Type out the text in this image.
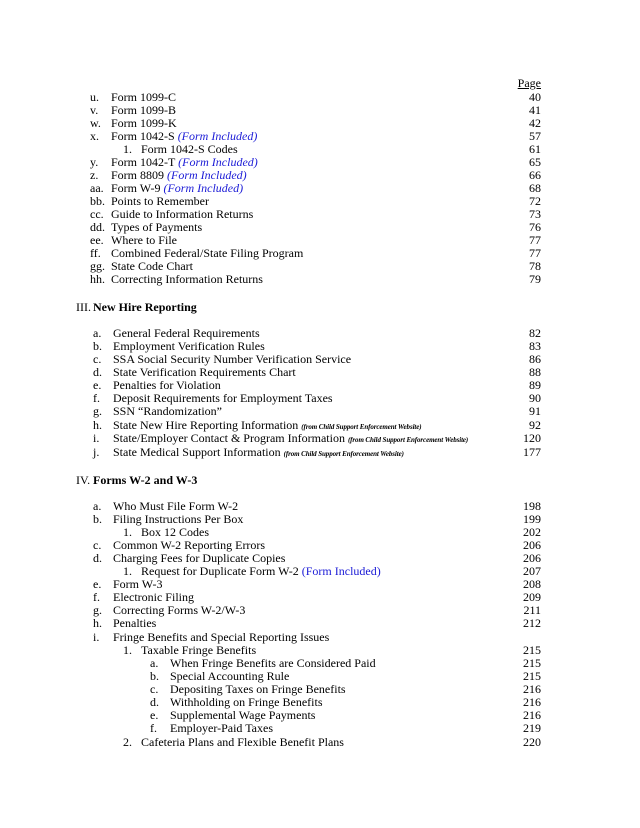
Page
u. Form 1099-C	40
v. Form 1099-B	41
w. Form 1099-K	42
x. Form 1042-S (Form Included)	57
1. Form 1042-S Codes	61
y. Form 1042-T (Form Included)	65
z. Form 8809 (Form Included)	66
aa. Form W-9 (Form Included)	68
bb. Points to Remember	72
cc. Guide to Information Returns	73
dd. Types of Payments	76
ee. Where to File	77
ff. Combined Federal/State Filing Program	77
gg. State Code Chart	78
hh. Correcting Information Returns	79
III. New Hire Reporting
a. General Federal Requirements	82
b. Employment Verification Rules	83
c. SSA Social Security Number Verification Service	86
d. State Verification Requirements Chart	88
e. Penalties for Violation	89
f. Deposit Requirements for Employment Taxes	90
g. SSN “Randomization”	91
h. State New Hire Reporting Information (from Child Support Enforcement Website)	92
i. State/Employer Contact & Program Information (from Child Support Enforcement Website)	120
j. State Medical Support Information (from Child Support Enforcement Website)	177
IV. Forms W-2 and W-3
a. Who Must File Form W-2	198
b. Filing Instructions Per Box	199
1. Box 12 Codes	202
c. Common W-2 Reporting Errors	206
d. Charging Fees for Duplicate Copies	206
1. Request for Duplicate Form W-2 (Form Included)	207
e. Form W-3	208
f. Electronic Filing	209
g. Correcting Forms W-2/W-3	211
h. Penalties	212
i. Fringe Benefits and Special Reporting Issues
1. Taxable Fringe Benefits	215
a. When Fringe Benefits are Considered Paid	215
b. Special Accounting Rule	215
c. Depositing Taxes on Fringe Benefits	216
d. Withholding on Fringe Benefits	216
e. Supplemental Wage Payments	216
f. Employer-Paid Taxes	219
2. Cafeteria Plans and Flexible Benefit Plans	220
